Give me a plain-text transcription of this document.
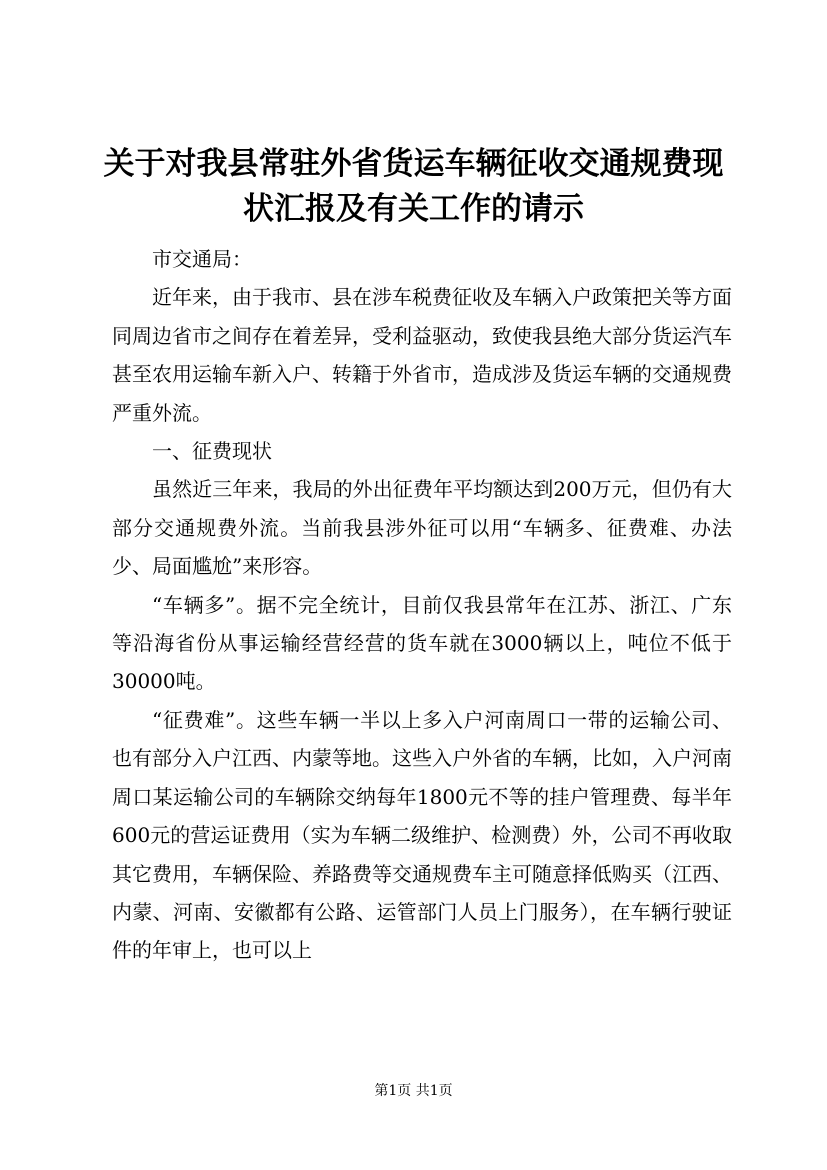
关于对我县常驻外省货运车辆征收交通规费现
状汇报及有关工作的请示

市交通局：

近年来，由于我市、县在涉车税费征收及车辆入户政策把关等方面同周边省市之间存在着差异，受利益驱动，致使我县绝大部分货运汽车甚至农用运输车新入户、转籍于外省市，造成涉及货运车辆的交通规费严重外流。

一、征费现状

虽然近三年来，我局的外出征费年平均额达到200万元，但仍有大部分交通规费外流。当前我县涉外征可以用“车辆多、征费难、办法少、局面尴尬”来形容。

“车辆多”。据不完全统计，目前仅我县常年在江苏、浙江、广东等沿海省份从事运输经营经营的货车就在3000辆以上，吨位不低于30000吨。

“征费难”。这些车辆一半以上多入户河南周口一带的运输公司、也有部分入户江西、内蒙等地。这些入户外省的车辆，比如，入户河南周口某运输公司的车辆除交纳每年1800元不等的挂户管理费、每半年600元的营运证费用（实为车辆二级维护、检测费）外，公司不再收取其它费用，车辆保险、养路费等交通规费车主可随意择低购买（江西、内蒙、河南、安徽都有公路、运管部门人员上门服务），在车辆行驶证件的年审上，也可以上

第1页 共1页
